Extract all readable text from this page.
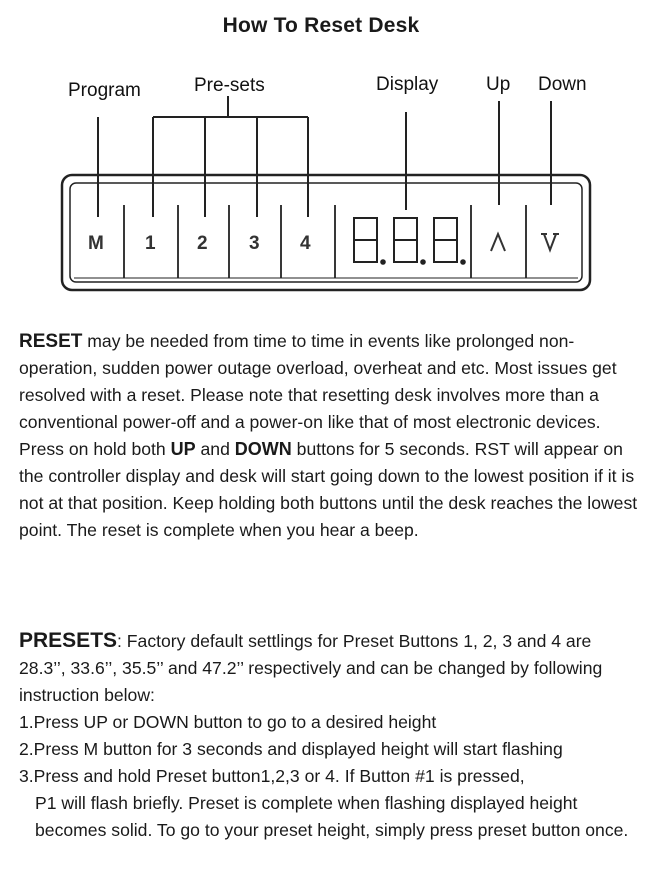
How To Reset Desk
Program	Pre-sets	Display	Up Down
M 1 2 3 4

RESET may be needed from time to time in events like prolonged non-operation, sudden power outage overload, overheat and etc. Most issues get resolved with a reset. Please note that resetting desk involves more than a conventional power-off and a power-on like that of most electronic devices.

Press on hold both UP and DOWN buttons for 5 seconds. RST will appear on the controller display and desk will start going down to the lowest position if it is not at that position. Keep holding both buttons until the desk reaches the lowest point. The reset is complete when you hear a beep.

PRESETS: Factory default settlings for Preset Buttons 1, 2, 3 and 4 are 28.3’’, 33.6’’, 35.5’’ and 47.2’’ respectively and can be changed by following instruction below:

1.Press UP or DOWN button to go to a desired height

2.Press M button for 3 seconds and displayed height will start flashing

3.Press and hold Preset button1,2,3 or 4. If Button #1 is pressed,

P1 will flash briefly. Preset is complete when flashing displayed height becomes solid. To go to your preset height, simply press preset button once.
